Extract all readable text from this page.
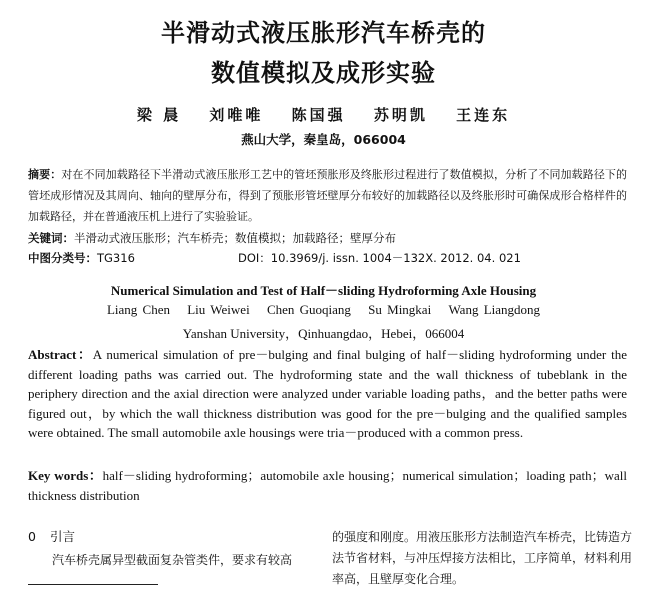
半滑动式液压胀形汽车桥壳的
数值模拟及成形实验
梁 晨 刘唯唯 陈国强 苏明凯 王连东
燕山大学，秦皇岛，066004

摘要：对在不同加载路径下半滑动式液压胀形工艺中的管坯预胀形及终胀形过程进行了数值模拟，分析了不同加载路径下的管坯成形情况及其周向、轴向的壁厚分布，得到了预胀形管坯壁厚分布较好的加载路径以及终胀形时可确保成形合格样件的加载路径，并在普通液压机上进行了实验验证。

关键词：半滑动式液压胀形；汽车桥壳；数值模拟；加载路径；壁厚分布
中图分类号：TG316	DOI：10.3969/j. issn. 1004－132X. 2012. 04. 021
Numerical Simulation and Test of Half－sliding Hydroforming Axle Housing
Liang Chen Liu Weiwei Chen Guoqiang Su Mingkai Wang Liangdong
Yanshan University，Qinhuangdao，Hebei，066004

Abstract：A numerical simulation of pre－bulging and final bulging of half－sliding hydroforming under the different loading paths was carried out. The hydroforming state and the wall thickness of tubeblank in the periphery direction and the axial direction were analyzed under variable loading paths，and the better paths were figured out，by which the wall thickness distribution was good for the pre－bulging and the qualified samples were obtained. The small automobile axle housings were tria－produced with a common press.

Key words：half－sliding hydroforming；automobile axle housing；numerical simulation；loading path；wall thickness distribution

0 引言

汽车桥壳属异型截面复杂管类件，要求有较高

的强度和刚度。用液压胀形方法制造汽车桥壳，比铸造方法节省材料，与冲压焊接方法相比，工序简单，材料利用率高，且壁厚变化合理。
